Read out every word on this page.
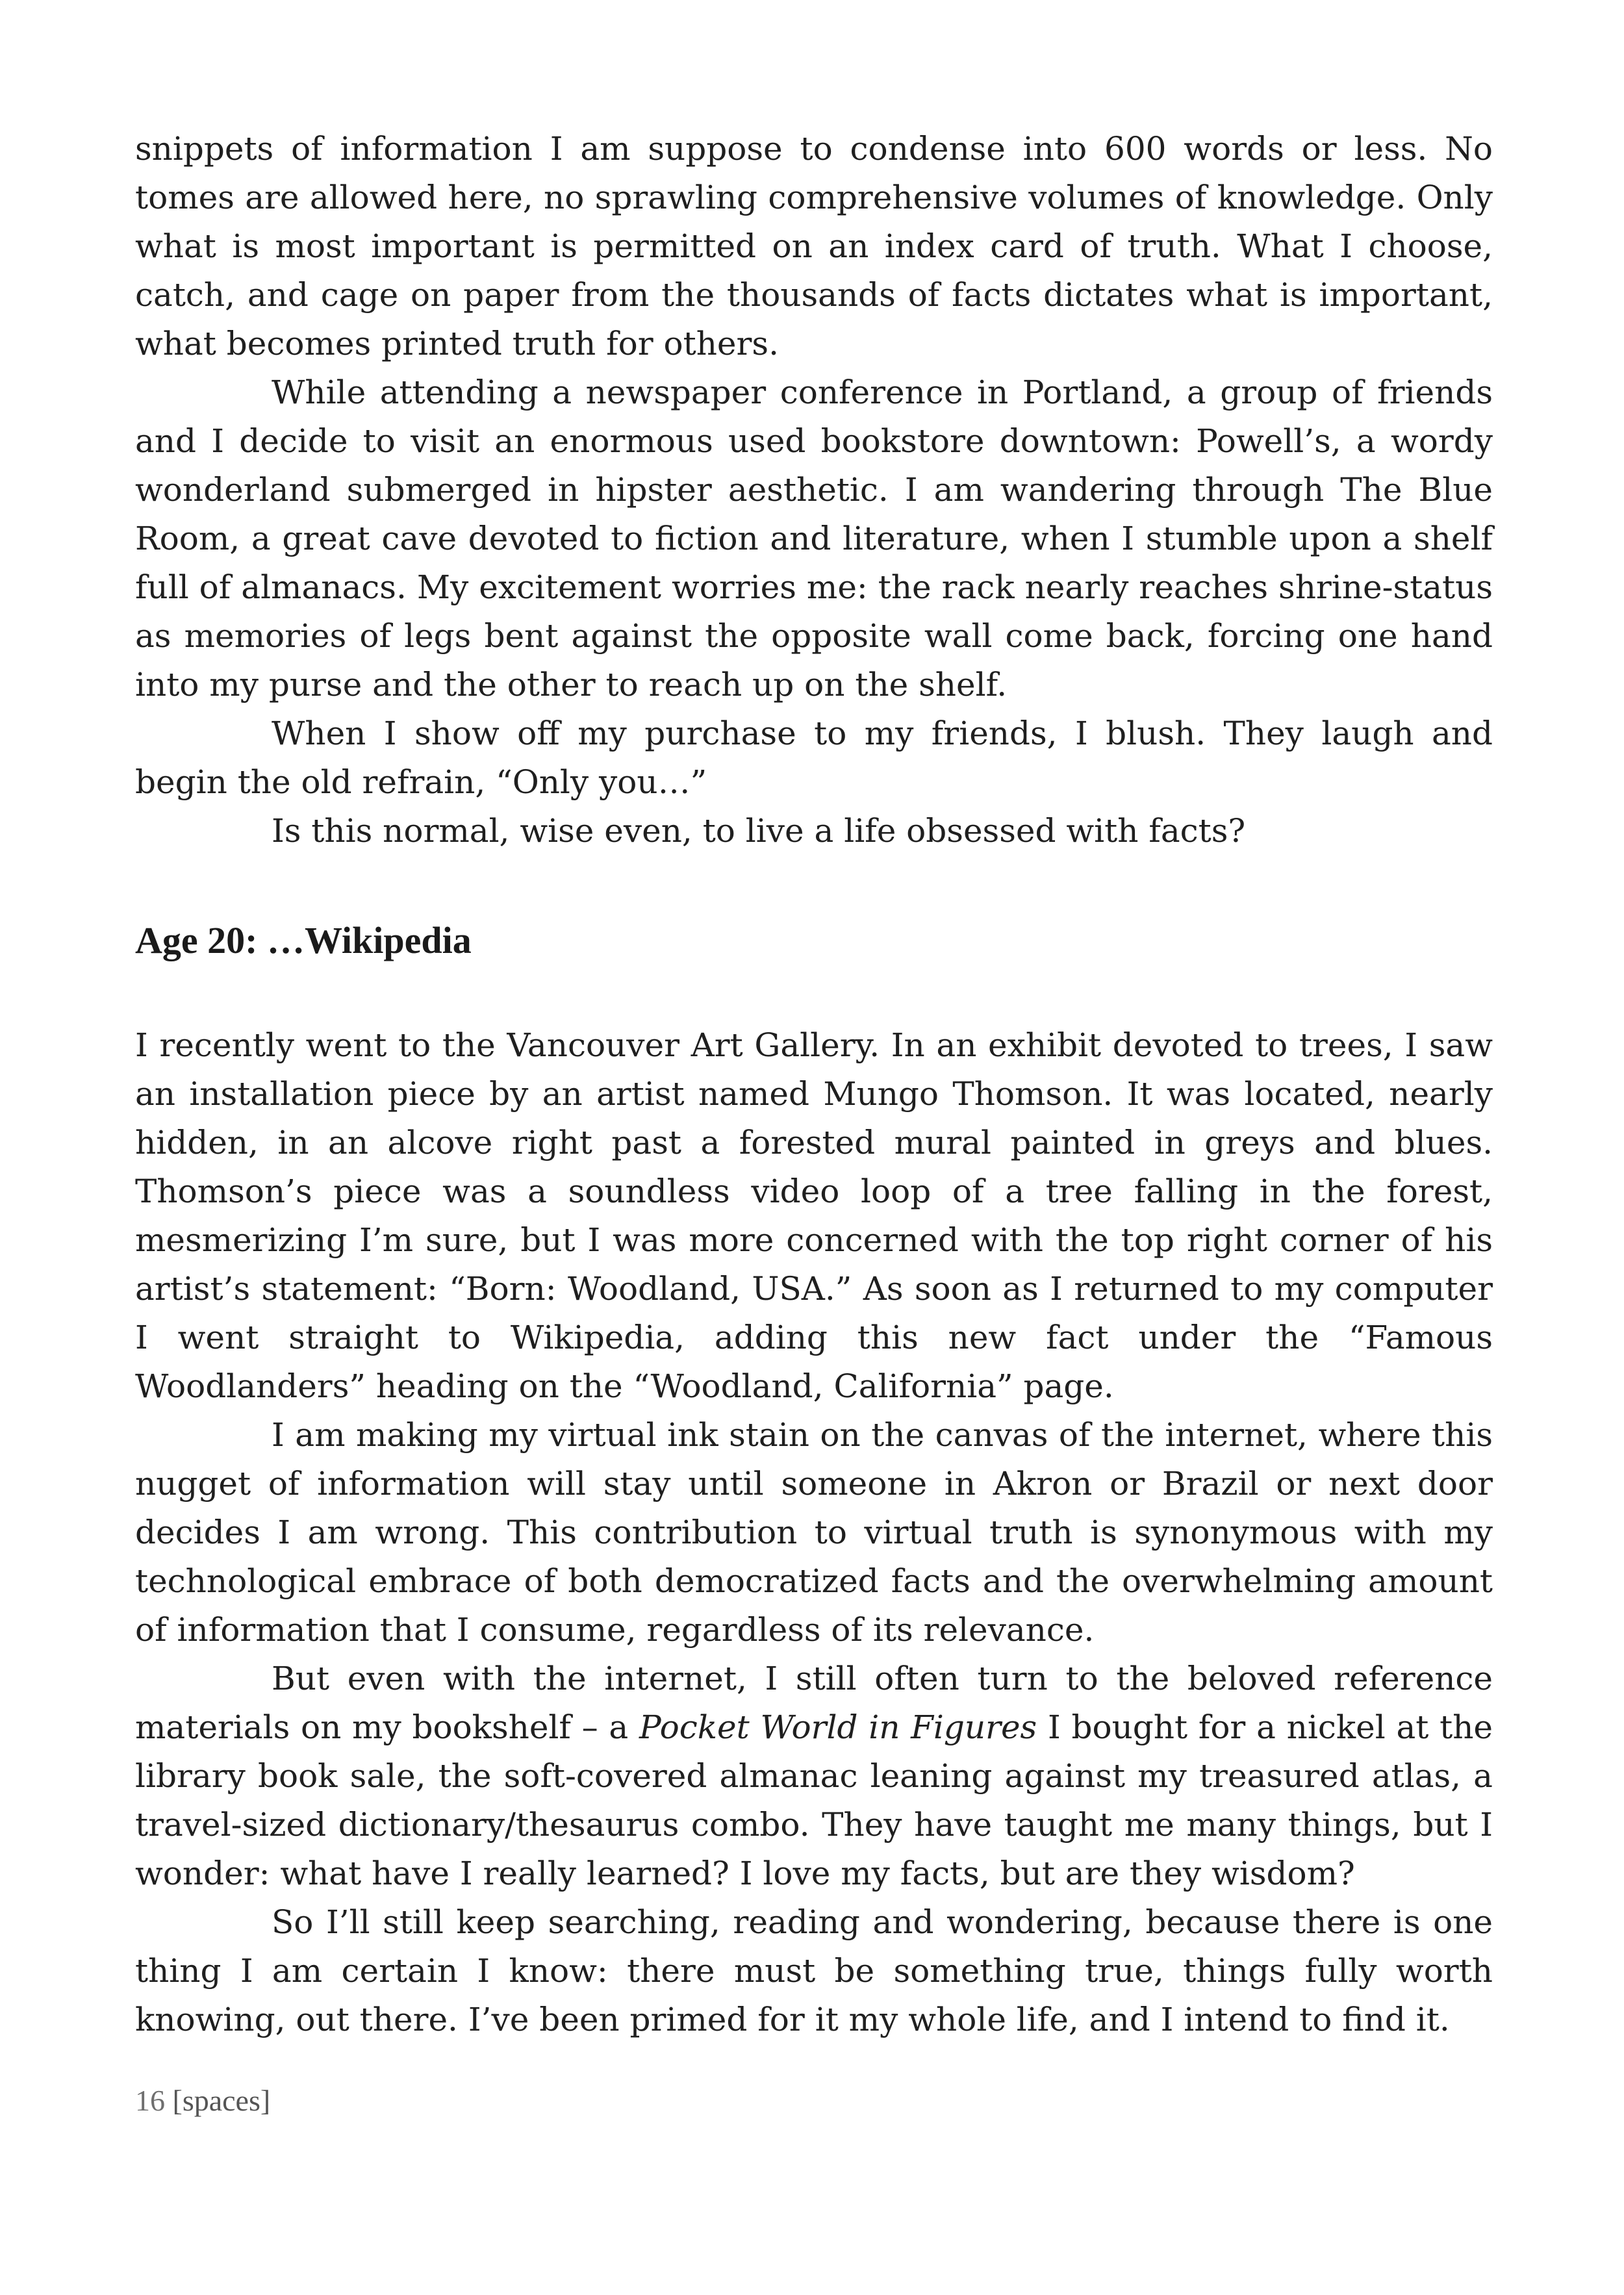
snippets of information I am suppose to condense into 600 words or less. No tomes are allowed here, no sprawling comprehensive volumes of knowledge. Only what is most important is permitted on an index card of truth. What I choose, catch, and cage on paper from the thousands of facts dictates what is important, what becomes printed truth for others.

While attending a newspaper conference in Portland, a group of friends and I decide to visit an enormous used bookstore downtown: Powell’s, a wordy wonderland submerged in hipster aesthetic. I am wandering through The Blue Room, a great cave devoted to fiction and literature, when I stumble upon a shelf full of almanacs. My excitement worries me: the rack nearly reaches shrine-status as memories of legs bent against the opposite wall come back, forcing one hand into my purse and the other to reach up on the shelf.

When I show off my purchase to my friends, I blush. They laugh and begin the old refrain, “Only you…”

Is this normal, wise even, to live a life obsessed with facts?

Age 20: …Wikipedia

I recently went to the Vancouver Art Gallery. In an exhibit devoted to trees, I saw an installation piece by an artist named Mungo Thomson. It was located, nearly hidden, in an alcove right past a forested mural painted in greys and blues. Thomson’s piece was a soundless video loop of a tree falling in the forest, mesmerizing I’m sure, but I was more concerned with the top right corner of his artist’s statement: “Born: Woodland, USA.” As soon as I returned to my computer I went straight to Wikipedia, adding this new fact under the “Famous Woodlanders” heading on the “Woodland, California” page.

I am making my virtual ink stain on the canvas of the internet, where this nugget of information will stay until someone in Akron or Brazil or next door decides I am wrong. This contribution to virtual truth is synonymous with my technological embrace of both democratized facts and the overwhelming amount of information that I consume, regardless of its relevance.

But even with the internet, I still often turn to the beloved reference materials on my bookshelf – a Pocket World in Figures I bought for a nickel at the library book sale, the soft-covered almanac leaning against my treasured atlas, a travel-sized dictionary/thesaurus combo. They have taught me many things, but I wonder: what have I really learned? I love my facts, but are they wisdom?

So I’ll still keep searching, reading and wondering, because there is one thing I am certain I know: there must be something true, things fully worth knowing, out there. I’ve been primed for it my whole life, and I intend to find it.

16 [spaces]
